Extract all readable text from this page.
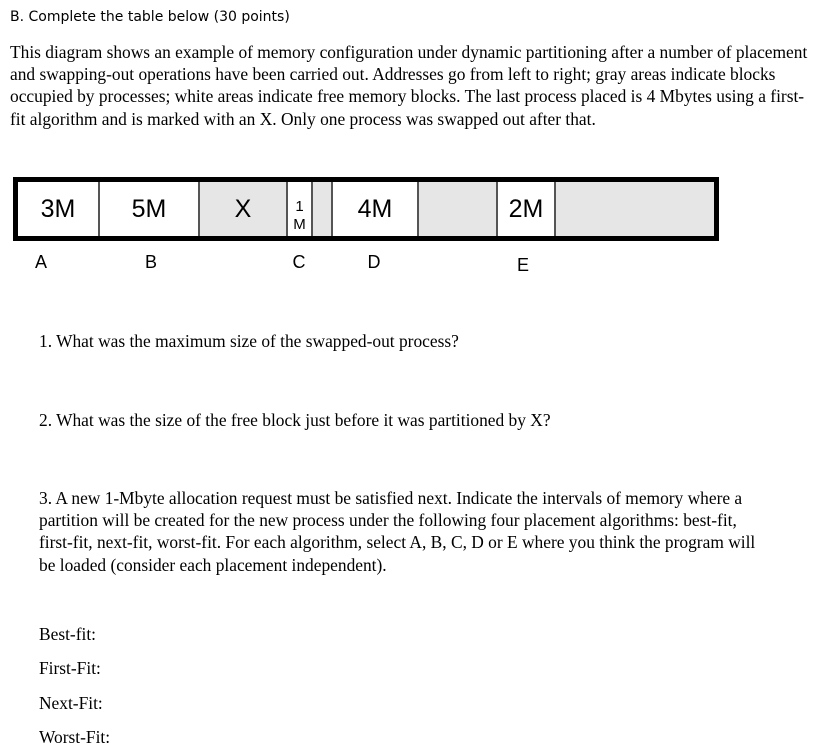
B. Complete the table below (30 points)

This diagram shows an example of memory configuration under dynamic partitioning after a number of placement and swapping-out operations have been carried out. Addresses go from left to right; gray areas indicate blocks occupied by processes; white areas indicate free memory blocks. The last process placed is 4 Mbytes using a first-fit algorithm and is marked with an X. Only one process was swapped out after that.

3M	5M	X	1
M
4M	2M
A	B	C	D	E

1. What was the maximum size of the swapped-out process?

2. What was the size of the free block just before it was partitioned by X?

3. A new 1-Mbyte allocation request must be satisfied next. Indicate the intervals of memory where a partition will be created for the new process under the following four placement algorithms: best-fit, first-fit, next-fit, worst-fit. For each algorithm, select A, B, C, D or E where you think the program will be loaded (consider each placement independent).

Best-fit:
First-Fit:
Next-Fit:
Worst-Fit:
